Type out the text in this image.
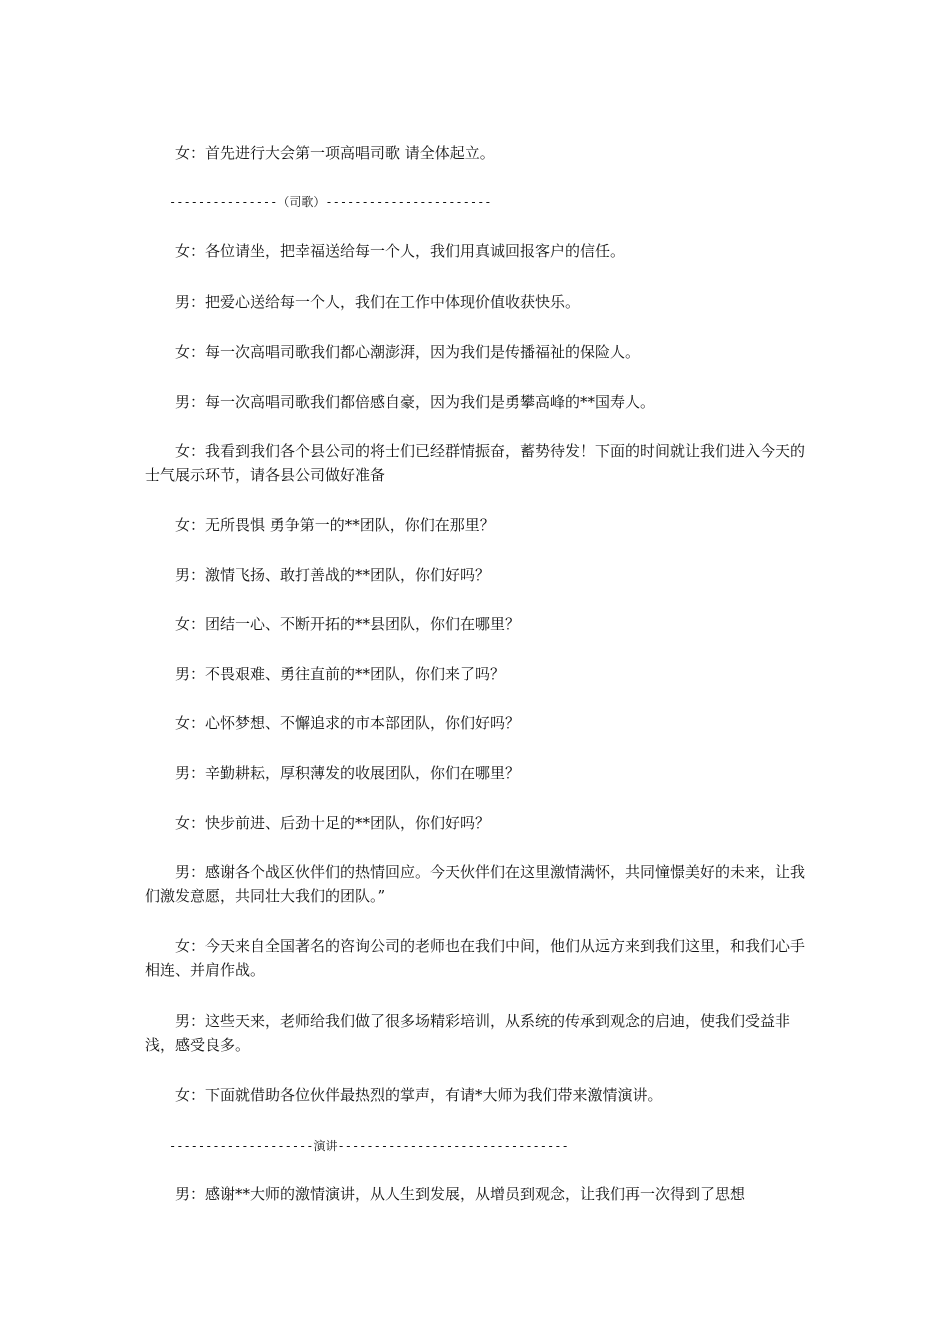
女：首先进行大会第一项高唱司歌 请全体起立。

---------------（司歌）-----------------------

女：各位请坐，把幸福送给每一个人，我们用真诚回报客户的信任。

男：把爱心送给每一个人，我们在工作中体现价值收获快乐。

女：每一次高唱司歌我们都心潮澎湃，因为我们是传播福祉的保险人。

男：每一次高唱司歌我们都倍感自豪，因为我们是勇攀高峰的**国寿人。

女：我看到我们各个县公司的将士们已经群情振奋，蓄势待发！下面的时间就让我们进入今天的士气展示环节，请各县公司做好准备

女：无所畏惧 勇争第一的**团队，你们在那里？

男：激情飞扬、敢打善战的**团队，你们好吗？

女：团结一心、不断开拓的**县团队，你们在哪里？

男：不畏艰难、勇往直前的**团队，你们来了吗？

女：心怀梦想、不懈追求的市本部团队，你们好吗？

男：辛勤耕耘，厚积薄发的收展团队，你们在哪里？

女：快步前进、后劲十足的**团队，你们好吗？

男：感谢各个战区伙伴们的热情回应。今天伙伴们在这里激情满怀，共同憧憬美好的未来，让我们激发意愿，共同壮大我们的团队。”

女：今天来自全国著名的咨询公司的老师也在我们中间，他们从远方来到我们这里，和我们心手相连、并肩作战。

男：这些天来，老师给我们做了很多场精彩培训，从系统的传承到观念的启迪，使我们受益非浅，感受良多。

女：下面就借助各位伙伴最热烈的掌声，有请*大师为我们带来激情演讲。

--------------------演讲--------------------------------

男：感谢**大师的激情演讲，从人生到发展，从增员到观念，让我们再一次得到了思想
